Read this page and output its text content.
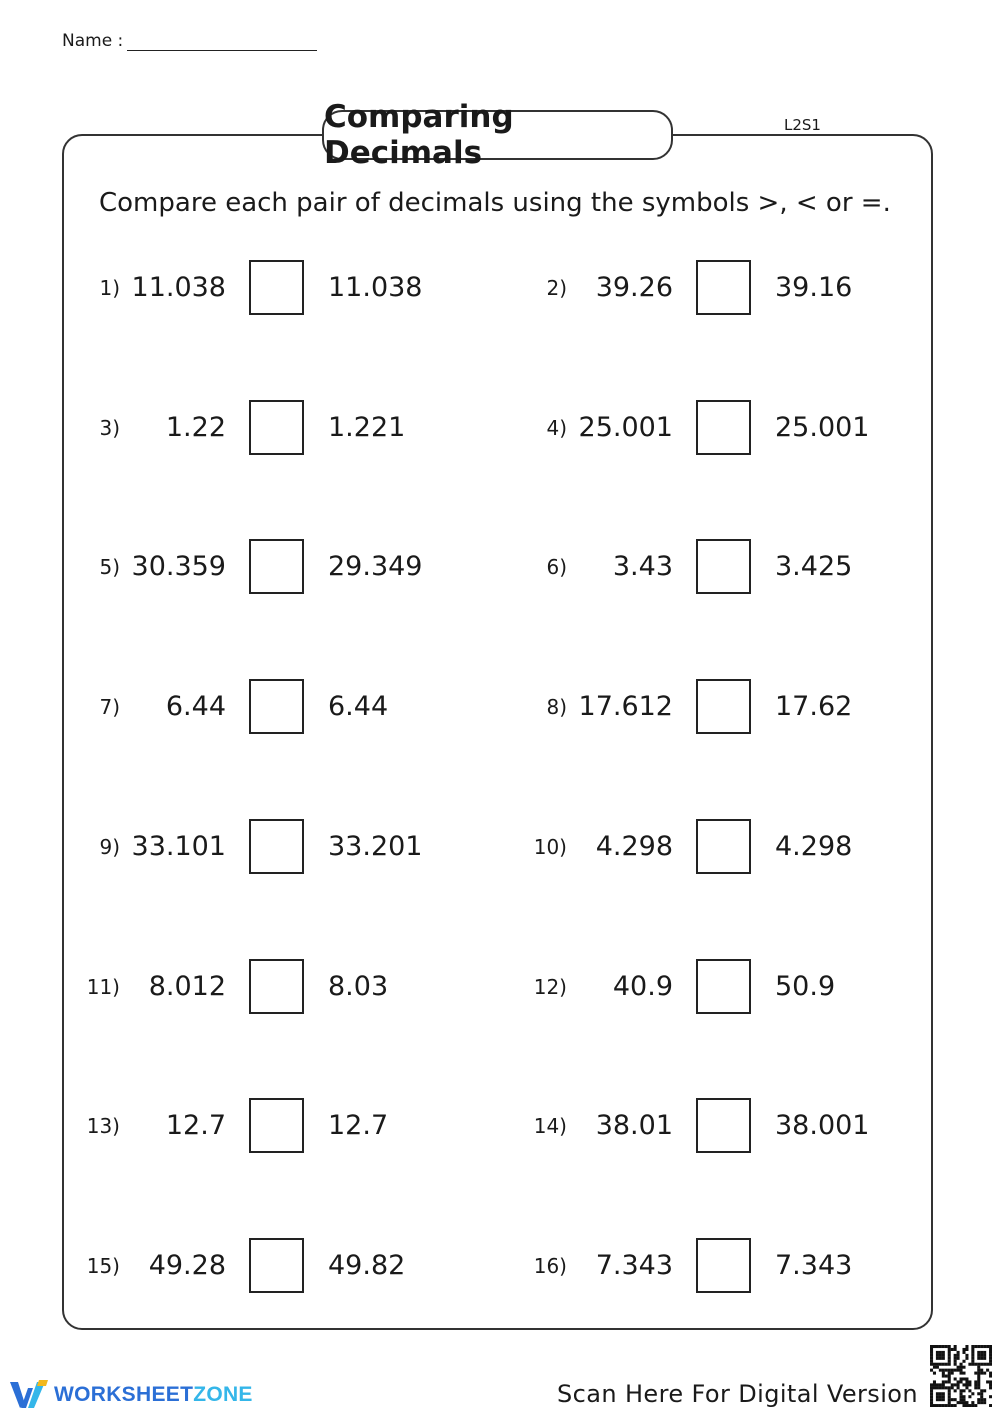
Name :
Comparing Decimals
L2S1
Compare each pair of decimals using the symbols >, < or =.
1) 11.038	11.038	2)	39.26	39.16
3)	1.22	1.221	4) 25.001	25.001
5) 30.359	29.349	6)	3.43	3.425
7)	6.44	6.44	8) 17.612	17.62
9) 33.101	33.201	10)	4.298	4.298
11)	8.012	8.03	12)	40.9	50.9
13)	12.7	12.7	14)	38.01	38.001
15)	49.28	49.82	16)	7.343	7.343
WORKSHEETZONE	Scan Here For Digital Version
